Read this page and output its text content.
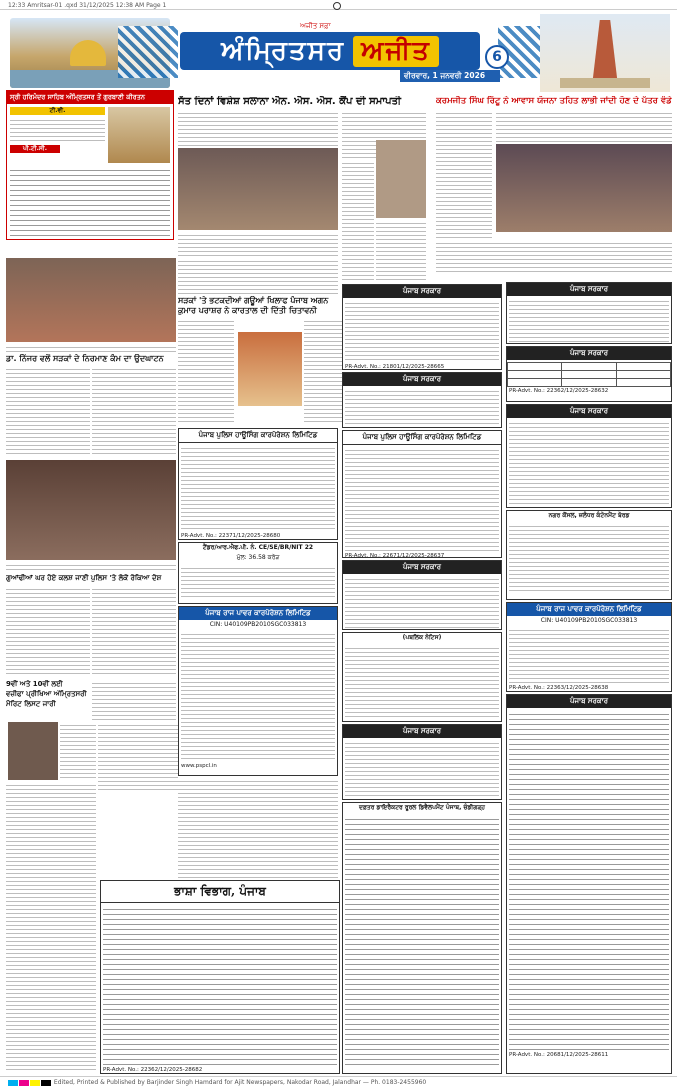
12:33 Amritsar-01 .qxd 31/12/2025 12:38 AM Page 1
ਅਜੀਤ ਸਫ਼ਾ
ਅੰਮ੍ਰਿਤਸਰ ਅਜੀਤ	6
ਵੀਰਵਾਰ, 1 ਜਨਵਰੀ 2026
ਸ੍ਰੀ ਹਰਿਮੰਦਰ ਸਾਹਿਬ ਅੰਮ੍ਰਿਤਸਰ ਤੋਂ ਗੁਰਬਾਣੀ ਕੀਰਤਨ
ਟੀ.ਵੀ.
ਪੀ.ਟੀ.ਸੀ.
ਸੱਤ ਦਿਨਾਂ ਵਿਸ਼ੇਸ਼ ਸਲਾਨਾ ਐਨ. ਐਸ. ਐਸ. ਕੈਂਪ ਦੀ ਸਮਾਪਤੀ	ਕਰਮਜੀਤ ਸਿੰਘ ਰਿੰਟੂ ਨੇ ਆਵਾਸ ਯੋਜਨਾ ਤਹਿਤ ਲਾਭੀ ਜਾਂਦੀ ਹੋਣ ਦੇ ਪੱਤਰ ਵੰਡੇ
ਡਾ. ਨਿੱਜਰ ਵਲੋਂ ਸੜਕਾਂ ਦੇ ਨਿਰਮਾਣ ਕੰਮ ਦਾ ਉਦਘਾਟਨ
ਸੜਕਾਂ 'ਤੇ ਭਟਕਦੀਆਂ ਗਊਆਂ ਖਿਲਾਫ ਪੰਜਾਬ ਅਗਨ
ਕੁਮਾਰ ਪਰਾਸ਼ਰ ਨੇ ਕਾਰਤਾਲ ਦੀ ਦਿੱਤੀ ਚਿਤਾਵਨੀ
ਪੰਜਾਬ ਸਰਕਾਰ
PR-Advt. No.: 21801/12/2025-28665
ਪੰਜਾਬ ਸਰਕਾਰ
ਪੰਜਾਬ ਪੁਲਿਸ ਹਾਊਸਿੰਗ ਕਾਰਪੋਰੇਸ਼ਨ ਲਿਮਿਟਿਡ
PR-Advt. No.: 22671/12/2025-28637
ਪੰਜਾਬ ਸਰਕਾਰ
ਪੰਜਾਬ ਸਰਕਾਰ
ਪੰਜਾਬ ਸਰਕਾਰ

PR-Advt. No.: 22362/12/2025-28632
ਪੰਜਾਬ ਸਰਕਾਰ
ਨਗਰ ਕੌਂਸਲ, ਜ਼ਲੰਧਰ ਕੰਟੋਨਮੈਂਟ ਬੋਰਡ
ਪੰਜਾਬ ਰਾਜ ਪਾਵਰ ਕਾਰਪੋਰੇਸ਼ਨ ਲਿਮਿਟਿਡ
CIN: U40109PB2010SGC033813
PR-Advt. No.: 22363/12/2025-28638
ਪੰਜਾਬ ਸਰਕਾਰ
PR-Advt. No.: 20681/12/2025-28611
ਗੁਆਂਢੀਆਂ ਘਰ ਹੋਏ ਕਲਸ਼ ਜਾਣੀ ਪੁਲਿਸ 'ਤੇ ਲੋਕੋਂ ਰੋਕਿਆ ਦੋਸ਼
9ਵੀਂ ਅਤੇ 10ਵੀਂ ਲਈ
ਵਜ਼ੀਫਾ ਪ੍ਰੀਖਿਆ ਅੰਮ੍ਰਿਤਸਰੀ
ਮੈਰਿਟ ਲਿਸਟ ਜਾਰੀ
ਪੰਜਾਬ ਪੁਲਿਸ ਹਾਊਸਿੰਗ ਕਾਰਪੋਰੇਸ਼ਨ ਲਿਮਿਟਿਡ
PR-Advt. No.: 22371/12/2025-28680
ਟੈਂਡਰ/ਆਰ.ਐਫ.ਪੀ. ਨੰ. CE/SE/BR/NIT 22
ਮੁੱਲ: 36.58 ਕਰੋੜ
ਪੰਜਾਬ ਰਾਜ ਪਾਵਰ ਕਾਰਪੋਰੇਸ਼ਨ ਲਿਮਿਟਿਡ
CIN: U40109PB2010SGC033813
www.pspcl.in
ਭਾਸ਼ਾ ਵਿਭਾਗ, ਪੰਜਾਬ
PR-Advt. No.: 22362/12/2025-28682
(ਪਬਲਿਕ ਨੋਟਿਸ)
ਪੰਜਾਬ ਸਰਕਾਰ
ਦਫ਼ਤਰ ਡਾਇਰੈਕਟਰ ਰੂਰਲ ਡਿਵੈਲਪਮੈਂਟ ਪੰਜਾਬ, ਚੰਡੀਗੜ੍ਹ
Edited, Printed & Published by Barjinder Singh Hamdard for Ajit Newspapers, Nakodar Road, Jalandhar — Ph. 0183-2455960
